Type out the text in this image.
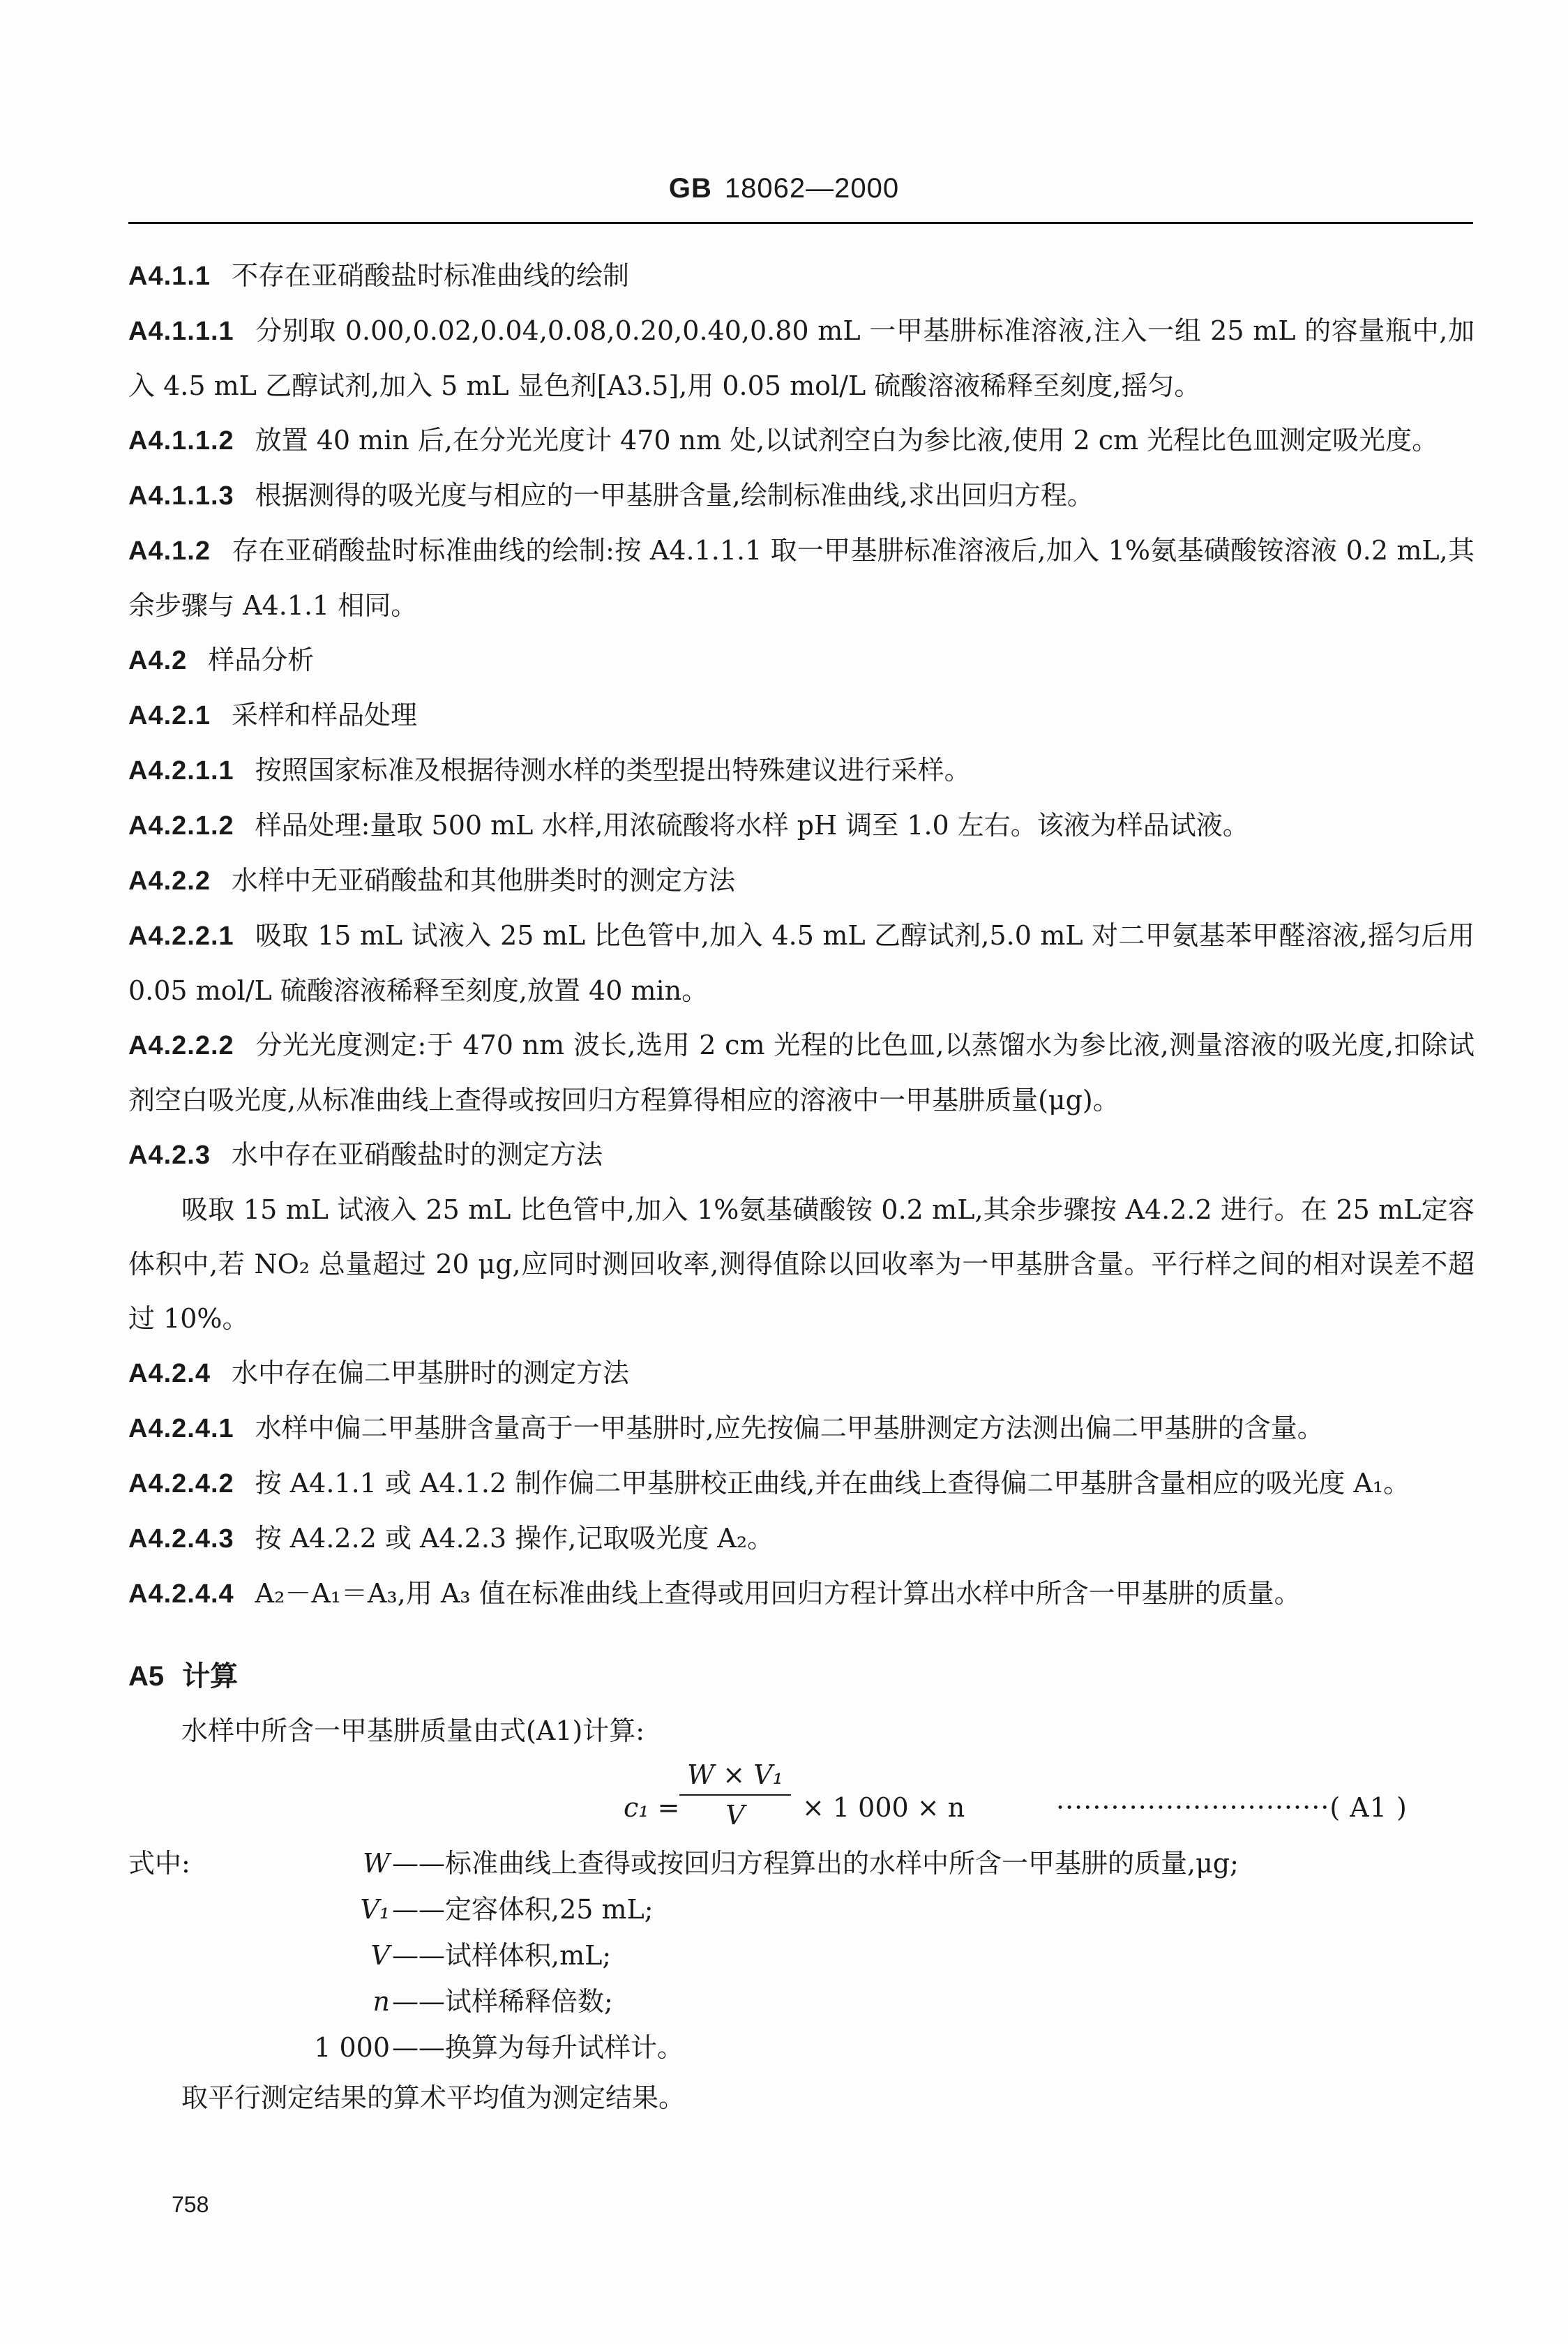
GB 18062—2000

A4.1.1 不存在亚硝酸盐时标准曲线的绘制

A4.1.1.1 分别取 0.00,0.02,0.04,0.08,0.20,0.40,0.80 mL 一甲基肼标准溶液,注入一组 25 mL 的容量瓶中,加入 4.5 mL 乙醇试剂,加入 5 mL 显色剂[A3.5],用 0.05 mol/L 硫酸溶液稀释至刻度,摇匀。

A4.1.1.2 放置 40 min 后,在分光光度计 470 nm 处,以试剂空白为参比液,使用 2 cm 光程比色皿测定吸光度。

A4.1.1.3 根据测得的吸光度与相应的一甲基肼含量,绘制标准曲线,求出回归方程。

A4.1.2 存在亚硝酸盐时标准曲线的绘制:按 A4.1.1.1 取一甲基肼标准溶液后,加入 1%氨基磺酸铵溶液 0.2 mL,其余步骤与 A4.1.1 相同。

A4.2 样品分析

A4.2.1 采样和样品处理

A4.2.1.1 按照国家标准及根据待测水样的类型提出特殊建议进行采样。

A4.2.1.2 样品处理:量取 500 mL 水样,用浓硫酸将水样 pH 调至 1.0 左右。该液为样品试液。

A4.2.2 水样中无亚硝酸盐和其他肼类时的测定方法

A4.2.2.1 吸取 15 mL 试液入 25 mL 比色管中,加入 4.5 mL 乙醇试剂,5.0 mL 对二甲氨基苯甲醛溶液,摇匀后用 0.05 mol/L 硫酸溶液稀释至刻度,放置 40 min。

A4.2.2.2 分光光度测定:于 470 nm 波长,选用 2 cm 光程的比色皿,以蒸馏水为参比液,测量溶液的吸光度,扣除试剂空白吸光度,从标准曲线上查得或按回归方程算得相应的溶液中一甲基肼质量(μg)。

A4.2.3 水中存在亚硝酸盐时的测定方法

吸取 15 mL 试液入 25 mL 比色管中,加入 1%氨基磺酸铵 0.2 mL,其余步骤按 A4.2.2 进行。在 25 mL定容体积中,若 NO₂ 总量超过 20 μg,应同时测回收率,测得值除以回收率为一甲基肼含量。平行样之间的相对误差不超过 10%。

A4.2.4 水中存在偏二甲基肼时的测定方法

A4.2.4.1 水样中偏二甲基肼含量高于一甲基肼时,应先按偏二甲基肼测定方法测出偏二甲基肼的含量。

A4.2.4.2 按 A4.1.1 或 A4.1.2 制作偏二甲基肼校正曲线,并在曲线上查得偏二甲基肼含量相应的吸光度 A₁。

A4.2.4.3 按 A4.2.2 或 A4.2.3 操作,记取吸光度 A₂。

A4.2.4.4 A₂－A₁＝A₃,用 A₃ 值在标准曲线上查得或用回归方程计算出水样中所含一甲基肼的质量。

A5 计算

水样中所含一甲基肼质量由式(A1)计算:

c₁ =
W × V₁
V	× 1 000 × n	······························( A1 )
式中:	W ——标准曲线上查得或按回归方程算出的水样中所含一甲基肼的质量,μg;
V₁ ——定容体积,25 mL;
V ——试样体积,mL;
n ——试样稀释倍数;
1 000 ——换算为每升试样计。

取平行测定结果的算术平均值为测定结果。

758
